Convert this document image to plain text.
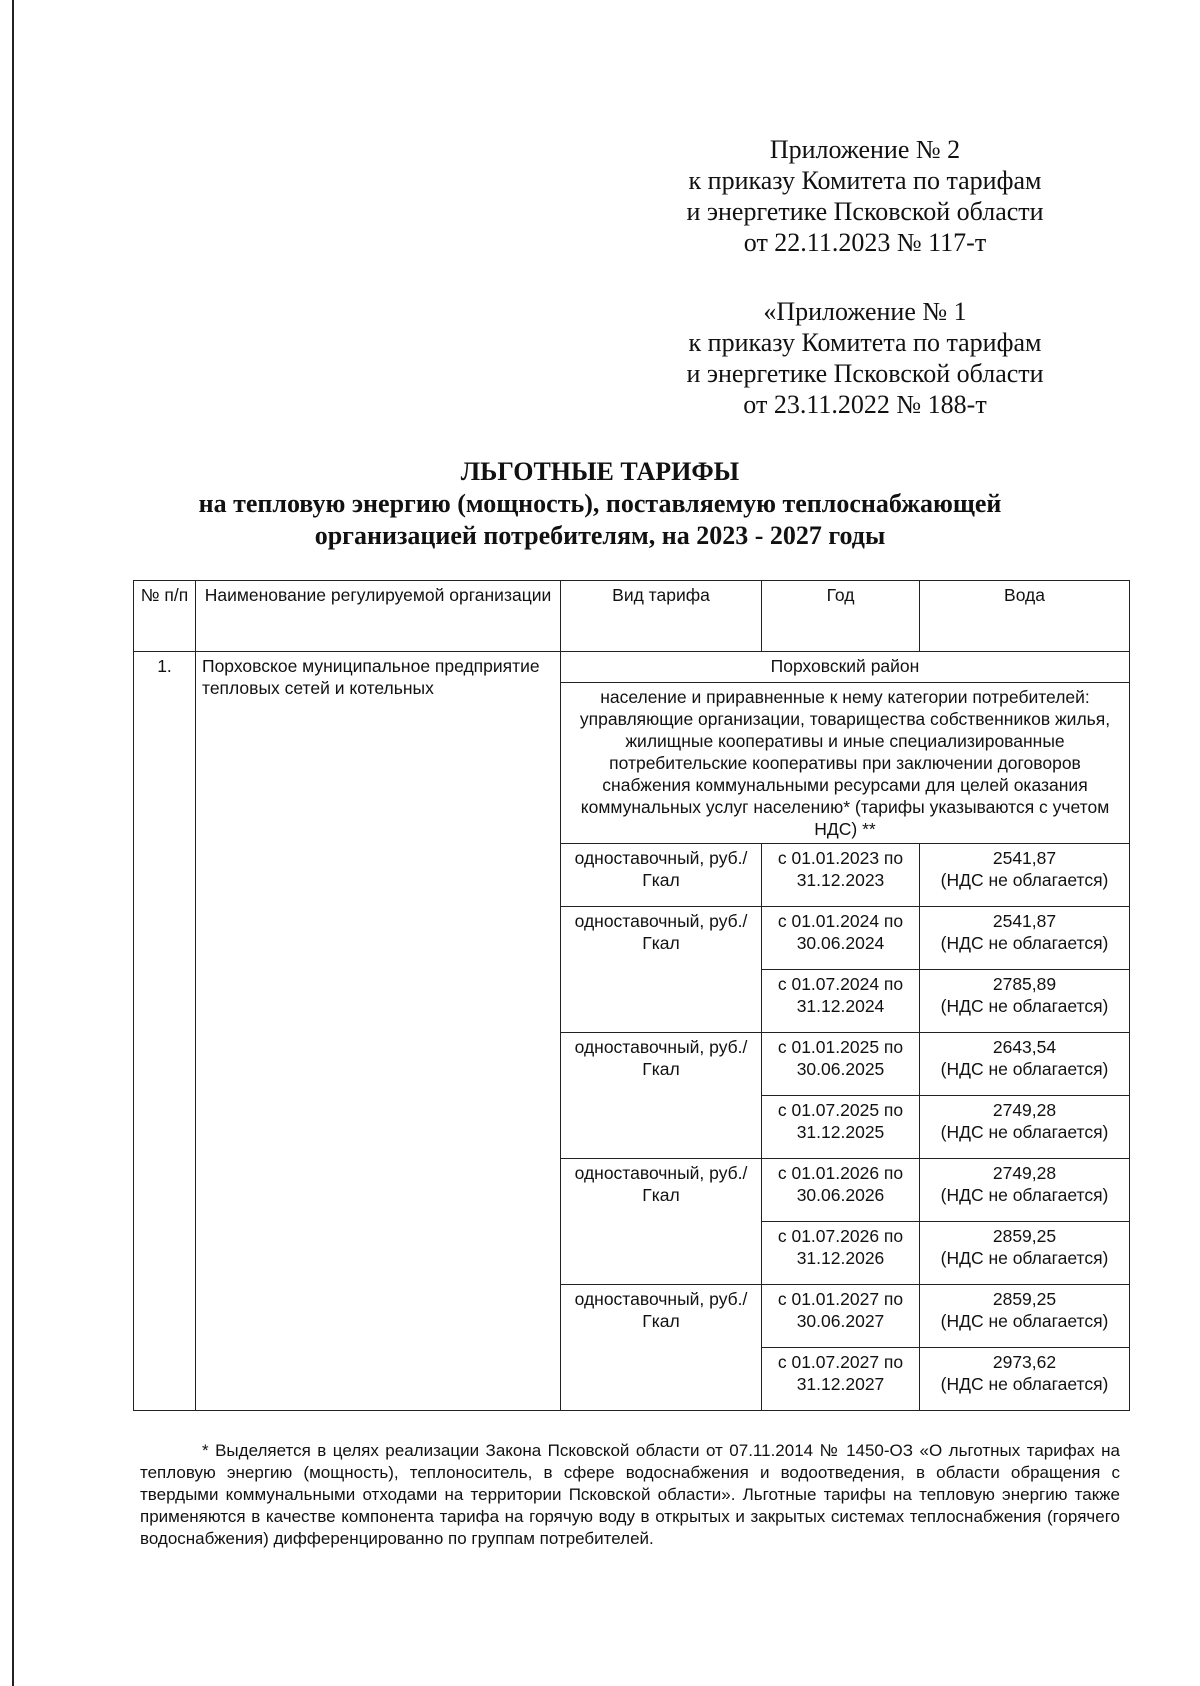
Приложение № 2
к приказу Комитета по тарифам
и энергетике Псковской области
от 22.11.2023 № 117-т
«Приложение № 1
к приказу Комитета по тарифам
и энергетике Псковской области
от 23.11.2022 № 188-т
ЛЬГОТНЫЕ ТАРИФЫ
на тепловую энергию (мощность), поставляемую теплоснабжающей
организацией потребителям, на 2023 - 2027 годы
№ п/п	Наименование регулируемой организации	Вид тарифа	Год	Вода
1.	Порховское муниципальное предприятие тепловых сетей и котельных	Порховский район		
		население и приравненные к нему категории потребителей: управляющие организации, товарищества собственников жилья, жилищные кооперативы и иные специализированные потребительские кооперативы при заключении договоров снабжения коммунальными ресурсами для целей оказания коммунальных услуг населению* (тарифы указываются с учетом НДС) **		
		одноставочный, руб./Гкал	с 01.01.2023 по 31.12.2023	2541,87
(НДС не облагается)

		одноставочный, руб./Гкал	с 01.01.2024 по 30.06.2024	2541,87
(НДС не облагается)

			с 01.07.2024 по 31.12.2024	2785,89
(НДС не облагается)

		одноставочный, руб./Гкал	с 01.01.2025 по 30.06.2025	2643,54
(НДС не облагается)

			с 01.07.2025 по 31.12.2025	2749,28
(НДС не облагается)

		одноставочный, руб./Гкал	с 01.01.2026 по 30.06.2026	2749,28
(НДС не облагается)

			с 01.07.2026 по 31.12.2026	2859,25
(НДС не облагается)

		одноставочный, руб./Гкал	с 01.01.2027 по 30.06.2027	2859,25
(НДС не облагается)

			с 01.07.2027 по 31.12.2027	2973,62
(НДС не облагается)
* Выделяется в целях реализации Закона Псковской области от 07.11.2014 № 1450-ОЗ «О льготных тарифах на тепловую энергию (мощность), теплоноситель, в сфере водоснабжения и водоотведения, в области обращения с твердыми коммунальными отходами на территории Псковской области». Льготные тарифы на тепловую энергию также применяются в качестве компонента тарифа на горячую воду в открытых и закрытых системах теплоснабжения (горячего водоснабжения) дифференцированно по группам потребителей.
